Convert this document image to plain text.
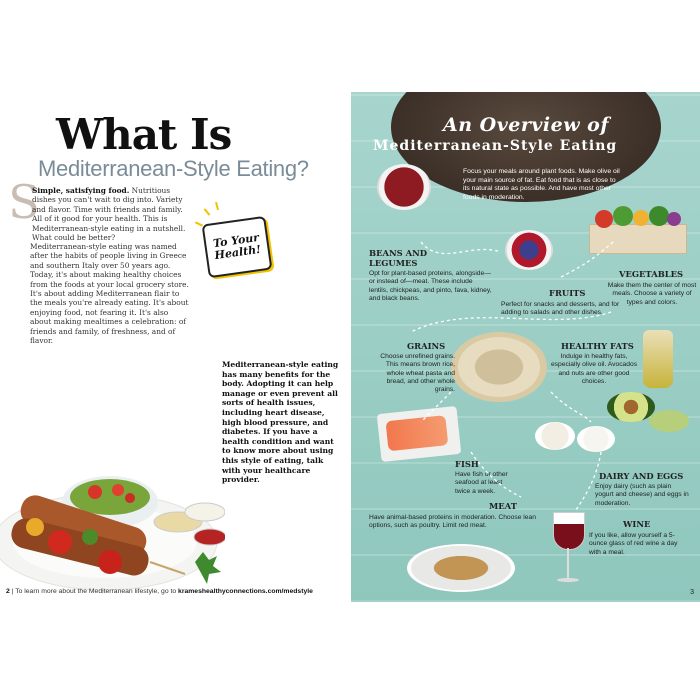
What Is
Mediterranean-Style Eating?
S
Simple, satisfying food. Nutritious dishes you can't wait to dig into. Variety and flavor. Time with friends and family. All of it good for your health. This is Mediterranean-style eating in a nutshell. What could be better?
Mediterranean-style eating was named after the habits of people living in Greece and southern Italy over 50 years ago. Today, it's about making healthy choices from the foods at your local grocery store. It's about adding Mediterranean flair to the meals you're already eating. It's about enjoying food, not fearing it. It's also about making mealtimes a celebration: of friends and family, of freshness, and of flavor.
To Your Health!
Mediterranean-style eating has many benefits for the body. Adopting it can help manage or even prevent all sorts of health issues, including heart disease, high blood pressure, and diabetes. If you have a health condition and want to know more about using this style of eating, talk with your healthcare provider.
2 | To learn more about the Mediterranean lifestyle, go to krameshealthyconnections.com/medstyle
An Overview of
Mediterranean-Style Eating
Focus your meals around plant foods. Make olive oil your main source of fat. Eat food that is as close to its natural state as possible. And have most other foods in moderation.
BEANS AND LEGUMES
Opt for plant-based proteins, alongside—or instead of—meat. These include lentils, chickpeas, and pinto, fava, kidney, and black beans.
FRUITS
Perfect for snacks and desserts, and for adding to salads and other dishes.
VEGETABLES
Make them the center of most meals. Choose a variety of types and colors.
GRAINS
Choose unrefined grains. This means brown rice, whole wheat pasta and bread, and other whole grains.
HEALTHY FATS
Indulge in healthy fats, especially olive oil. Avocados and nuts are other good choices.
FISH
Have fish or other seafood at least twice a week.
DAIRY AND EGGS
Enjoy dairy (such as plain yogurt and cheese) and eggs in moderation.
MEAT
Have animal-based proteins in moderation. Choose lean options, such as poultry. Limit red meat.	WINE
If you like, allow yourself a 5-ounce glass of red wine a day with a meal.
3
